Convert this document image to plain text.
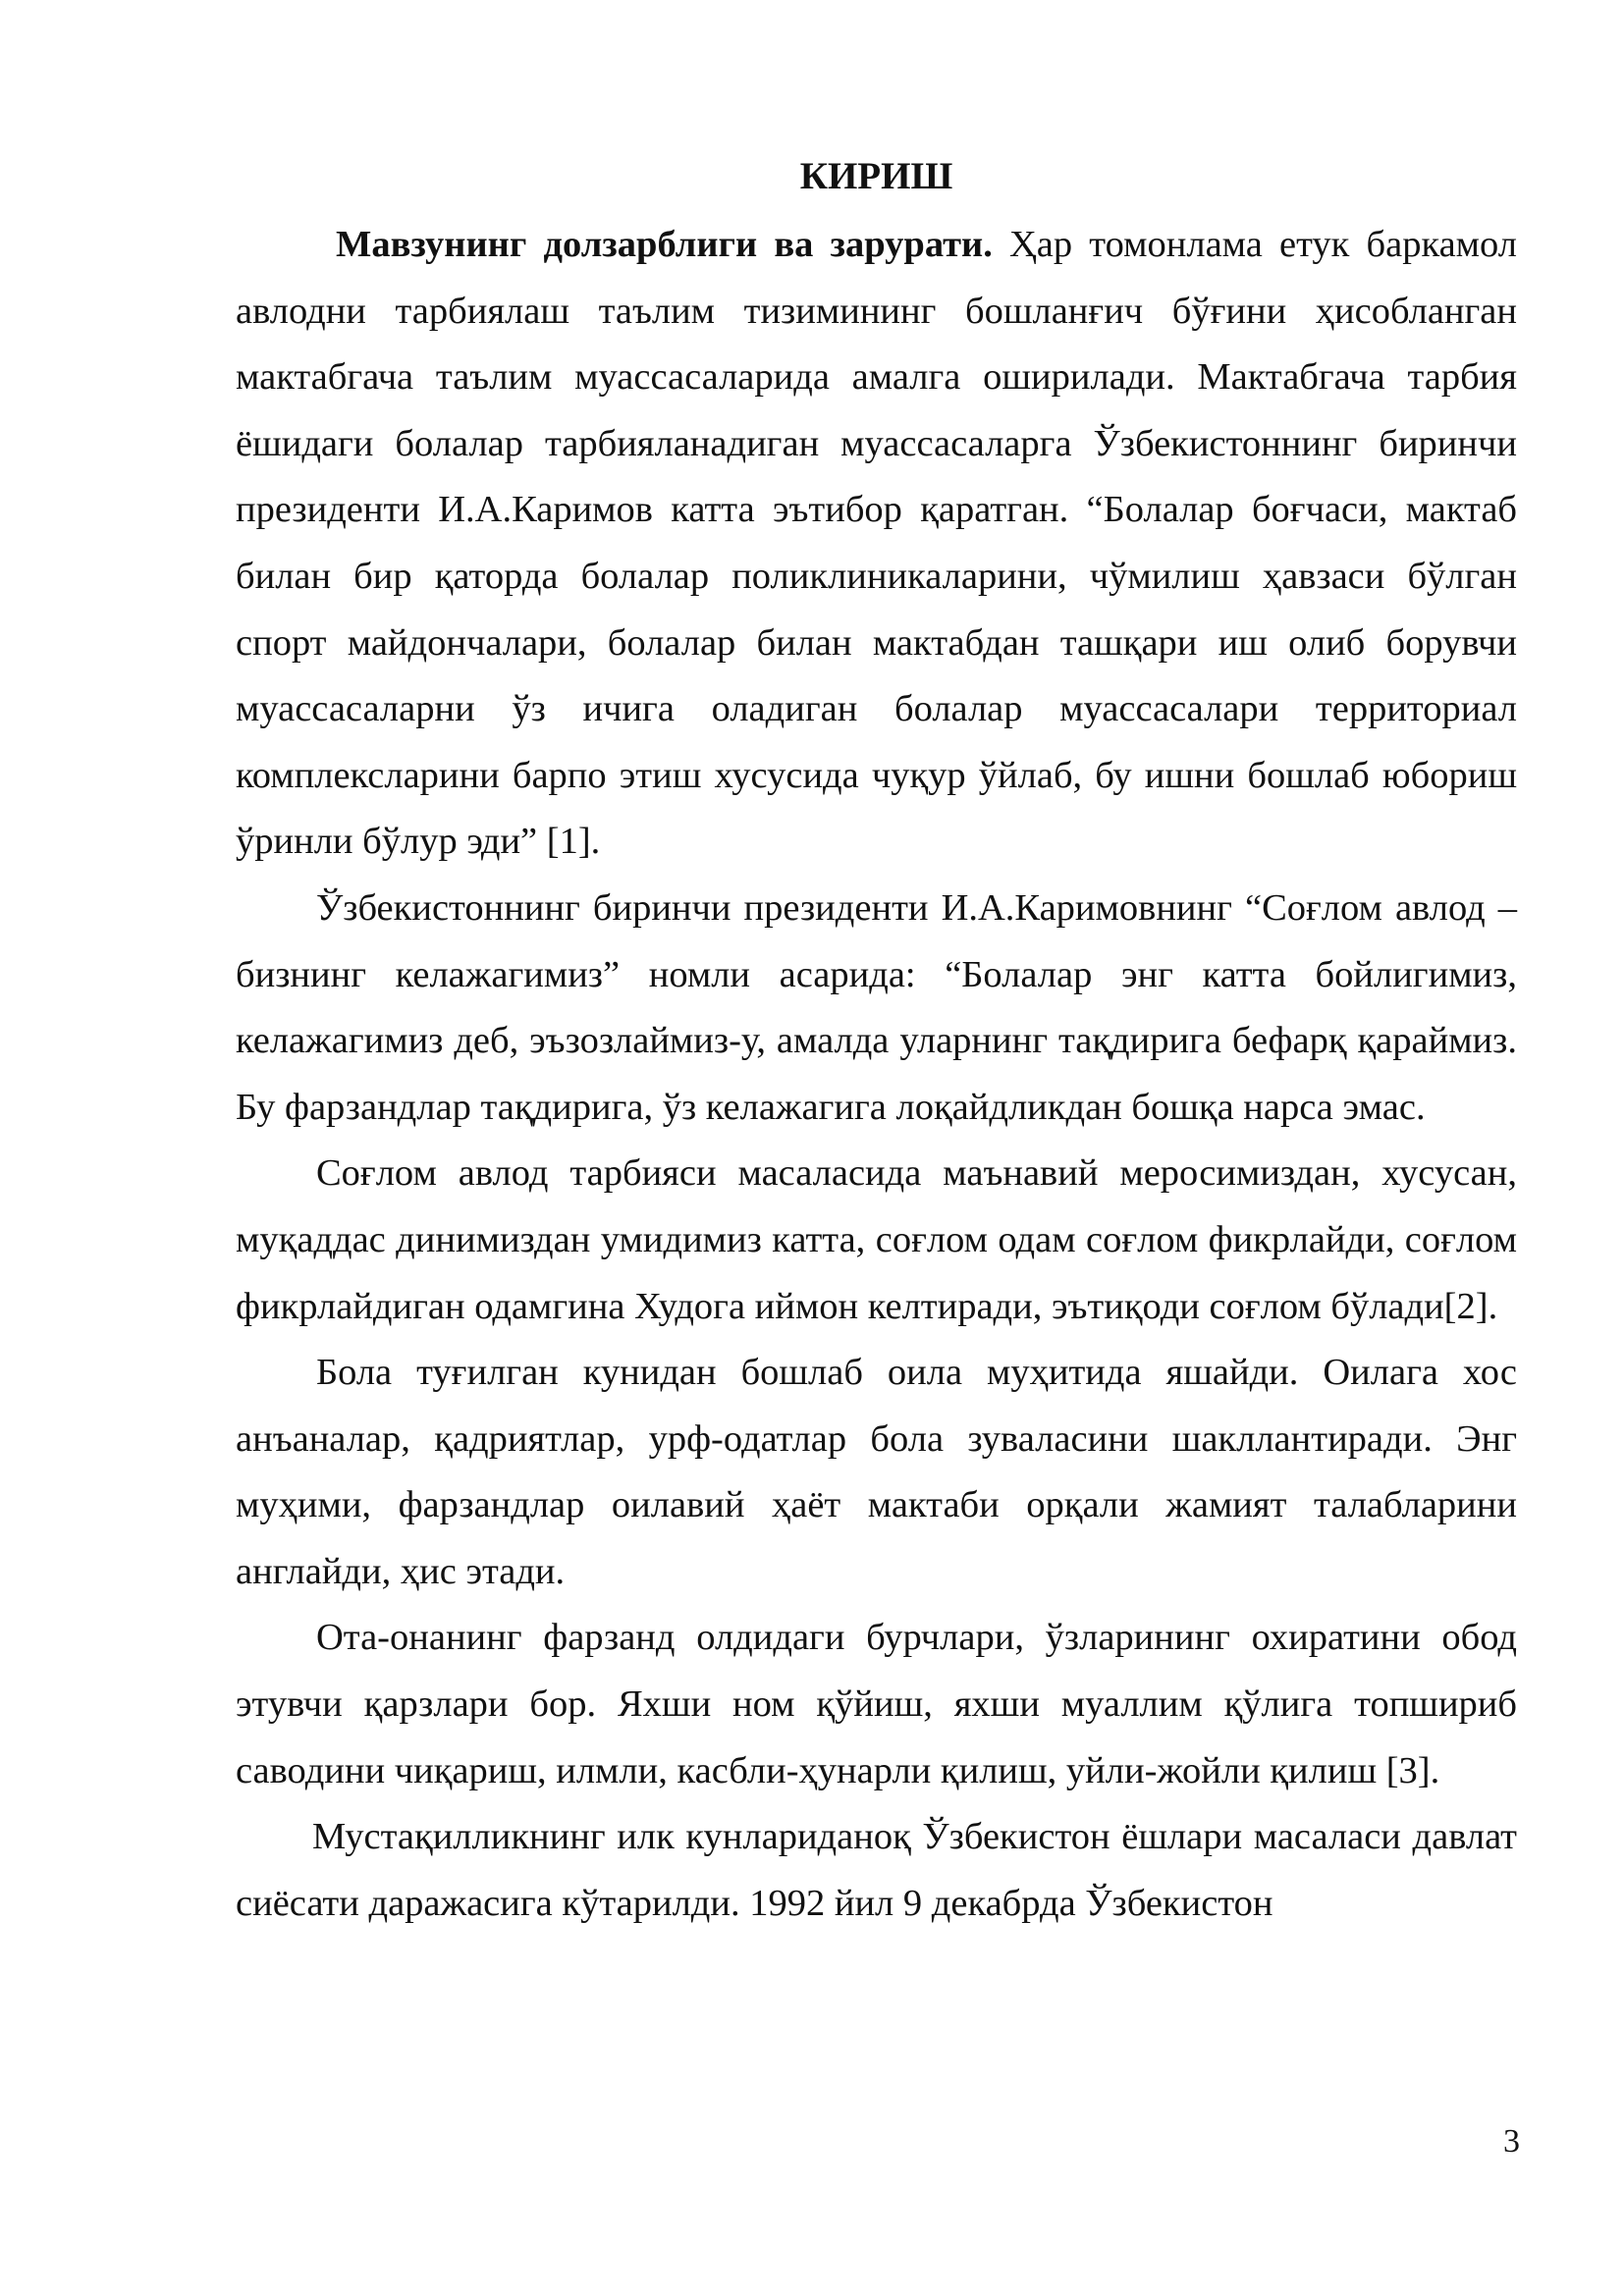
КИРИШ

Мавзунинг долзарблиги ва зарурати. Ҳар томонлама етук баркамол авлодни тарбиялаш таълим тизимининг бошланғич бўғини ҳисобланган мактабгача таълим муассасаларида амалга оширилади. Мактабгача тарбия ёшидаги болалар тарбияланадиган муассасаларга Ўзбекистоннинг биринчи президенти И.А.Каримов катта эътибор қаратган. “Болалар боғчаси, мактаб билан бир қаторда болалар поликлиникаларини, чўмилиш ҳавзаси бўлган спорт майдончалари, болалар билан мактабдан ташқари иш олиб борувчи муассасаларни ўз ичига оладиган болалар муассасалари территориал комплексларини барпо этиш хусусида чуқур ўйлаб, бу ишни бошлаб юбориш ўринли бўлур эди” [1].

Ўзбекистоннинг биринчи президенти И.А.Каримовнинг “Соғлом авлод – бизнинг келажагимиз” номли асарида: “Болалар энг катта бойлигимиз, келажагимиз деб, эъзозлаймиз-у, амалда уларнинг тақдирига бефарқ қараймиз. Бу фарзандлар тақдирига, ўз келажагига лоқайдликдан бошқа нарса эмас.

Соғлом авлод тарбияси масаласида маънавий меросимиздан, хусусан, муқаддас динимиздан умидимиз катта, соғлом одам соғлом фикрлайди, соғлом фикрлайдиган одамгина Худога иймон келтиради, эътиқоди соғлом бўлади[2].

Бола туғилган кунидан бошлаб оила муҳитида яшайди. Оилага хос анъаналар, қадриятлар, урф-одатлар бола зуваласини шакллантиради. Энг муҳими, фарзандлар оилавий ҳаёт мактаби орқали жамият талабларини англайди, ҳис этади.

Ота-онанинг фарзанд олдидаги бурчлари, ўзларининг охиратини обод этувчи қарзлари бор. Яхши ном қўйиш, яхши муаллим қўлига топшириб саводини чиқариш, илмли, касбли-ҳунарли қилиш, уйли-жойли қилиш [3].

Мустақилликнинг илк кунлариданоқ Ўзбекистон ёшлари масаласи давлат сиёсати даражасига кўтарилди. 1992 йил 9 декабрда Ўзбекистон

3
